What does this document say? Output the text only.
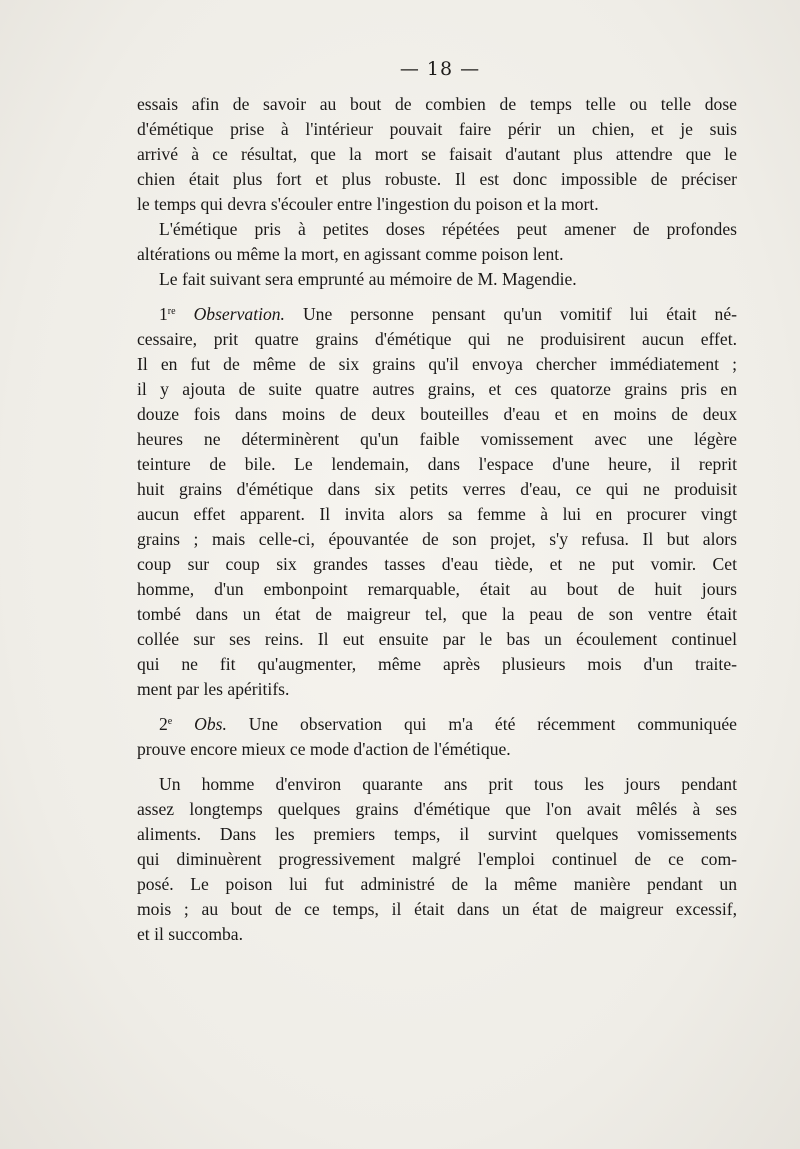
— 18 —
essais afin de savoir au bout de combien de temps telle ou telle dose
d'émétique prise à l'intérieur pouvait faire périr un chien, et je suis
arrivé à ce résultat, que la mort se faisait d'autant plus attendre que le
chien était plus fort et plus robuste. Il est donc impossible de préciser
le temps qui devra s'écouler entre l'ingestion du poison et la mort.
L'émétique pris à petites doses répétées peut amener de profondes
altérations ou même la mort, en agissant comme poison lent.
Le fait suivant sera emprunté au mémoire de M. Magendie.
1re Observation. Une personne pensant qu'un vomitif lui était né-
cessaire, prit quatre grains d'émétique qui ne produisirent aucun effet.
Il en fut de même de six grains qu'il envoya chercher immédiatement ;
il y ajouta de suite quatre autres grains, et ces quatorze grains pris en
douze fois dans moins de deux bouteilles d'eau et en moins de deux
heures ne déterminèrent qu'un faible vomissement avec une légère
teinture de bile. Le lendemain, dans l'espace d'une heure, il reprit
huit grains d'émétique dans six petits verres d'eau, ce qui ne produisit
aucun effet apparent. Il invita alors sa femme à lui en procurer vingt
grains ; mais celle-ci, épouvantée de son projet, s'y refusa. Il but alors
coup sur coup six grandes tasses d'eau tiède, et ne put vomir. Cet
homme, d'un embonpoint remarquable, était au bout de huit jours
tombé dans un état de maigreur tel, que la peau de son ventre était
collée sur ses reins. Il eut ensuite par le bas un écoulement continuel
qui ne fit qu'augmenter, même après plusieurs mois d'un traite-
ment par les apéritifs.
2e Obs. Une observation qui m'a été récemment communiquée
prouve encore mieux ce mode d'action de l'émétique.
Un homme d'environ quarante ans prit tous les jours pendant
assez longtemps quelques grains d'émétique que l'on avait mêlés à ses
aliments. Dans les premiers temps, il survint quelques vomissements
qui diminuèrent progressivement malgré l'emploi continuel de ce com-
posé. Le poison lui fut administré de la même manière pendant un
mois ; au bout de ce temps, il était dans un état de maigreur excessif,
et il succomba.
